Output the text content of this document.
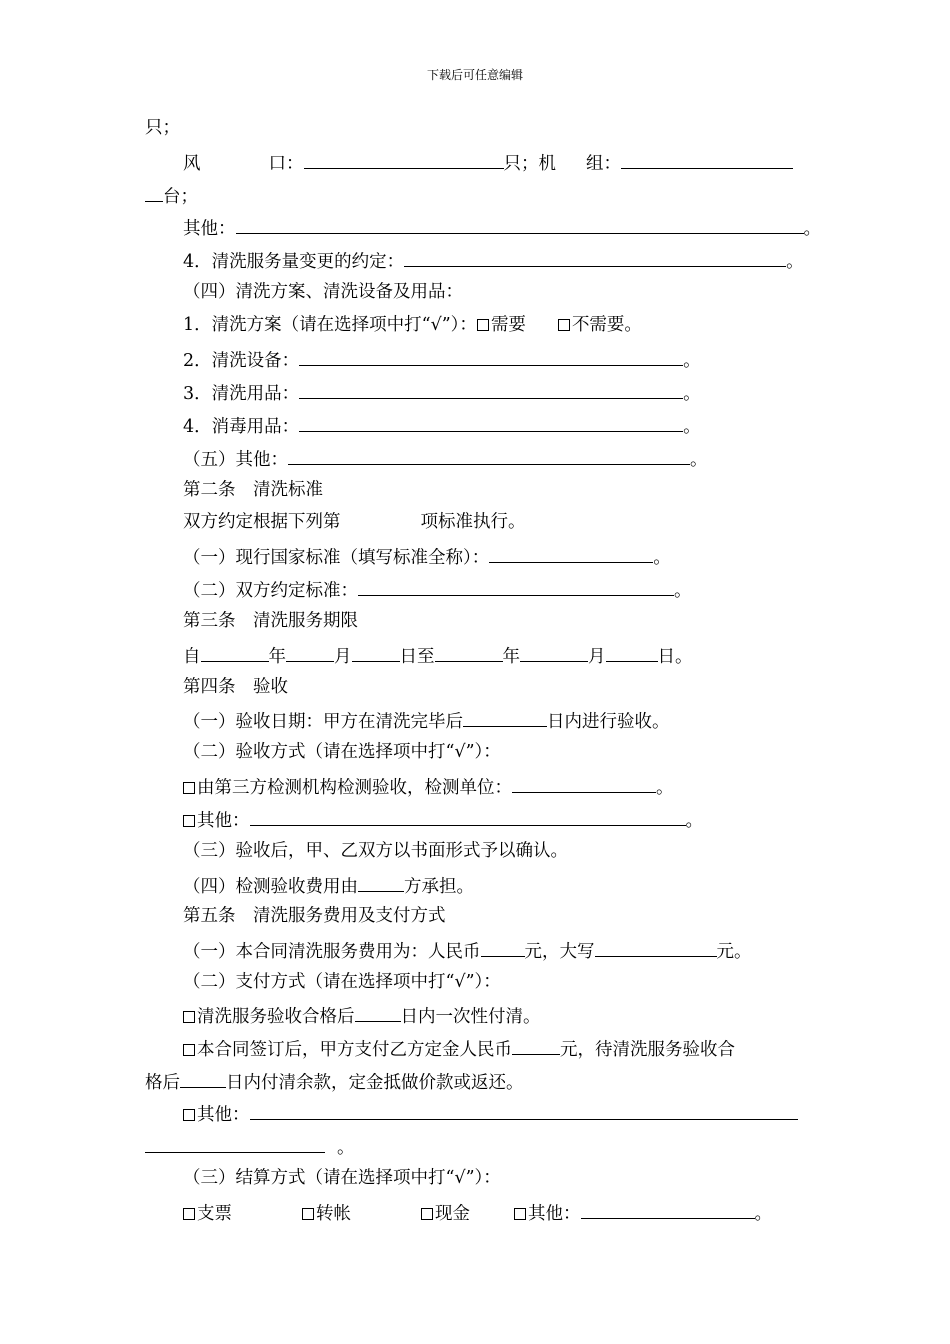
下载后可任意编辑
只；
风	口：	只；机 组：
台；
其他：	。
4．清洗服务量变更的约定：	。
（四）清洗方案、清洗设备及用品：
1．清洗方案（请在选择项中打“√”）： 需要	不需要。
2．清洗设备：	。
3．清洗用品：	。
4．消毒用品：	。
（五）其他：	。
第二条　清洗标准
双方约定根据下列第	项标准执行。
（一）现行国家标准（填写标准全称）：	。
（二）双方约定标准：	。
第三条　清洗服务期限
自	年	月	日至	年	月	日。
第四条　验收
（一）验收日期：甲方在清洗完毕后	日内进行验收。
（二）验收方式（请在选择项中打“√”）：
由第三方检测机构检测验收，检测单位：	。
其他：	。
（三）验收后，甲、乙双方以书面形式予以确认。
（四）检测验收费用由	方承担。
第五条　清洗服务费用及支付方式
（一）本合同清洗服务费用为：人民币	元，大写	元。
（二）支付方式（请在选择项中打“√”）：
清洗服务验收合格后	日内一次性付清。
本合同签订后，甲方支付乙方定金人民币	元，待清洗服务验收合
格后	日内付清余款，定金抵做价款或返还。
其他：
。
（三）结算方式（请在选择项中打“√”）：
支票	转帐	现金	其他：	。
